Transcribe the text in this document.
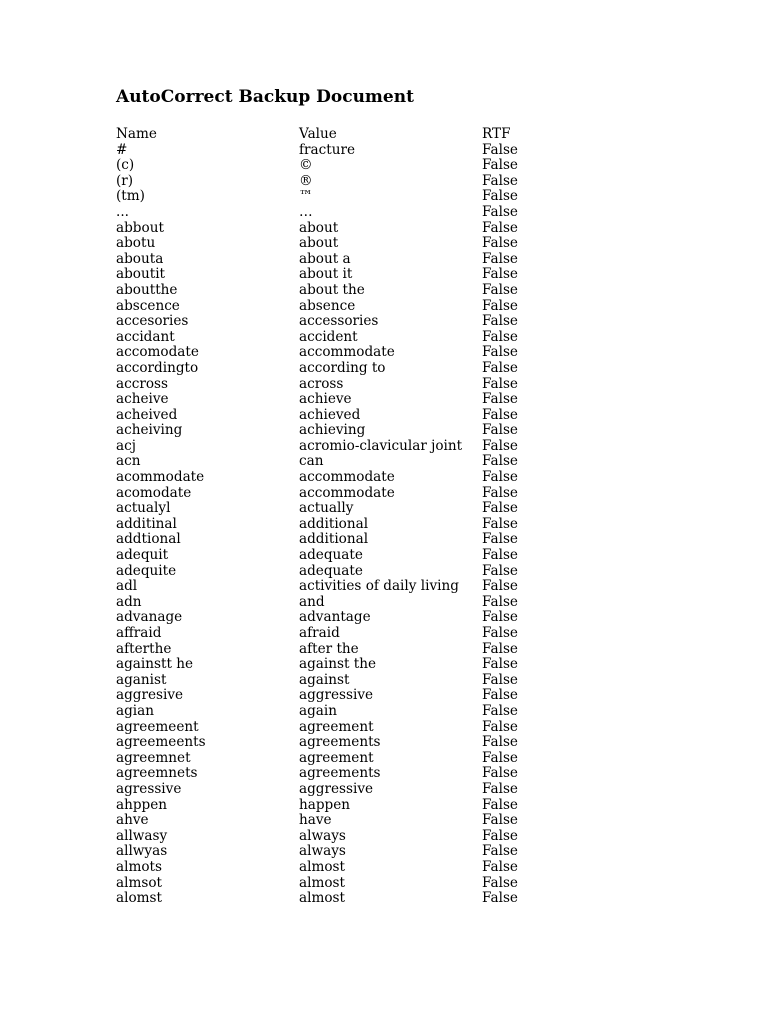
AutoCorrect Backup Document
Name	Value	RTF
#	fracture	False
(c)	©	False
(r)	®	False
(tm)	™	False
...	…	False
abbout	about	False
abotu	about	False
abouta	about a	False
aboutit	about it	False
aboutthe	about the	False
abscence	absence	False
accesories	accessories	False
accidant	accident	False
accomodate	accommodate	False
accordingto	according to	False
accross	across	False
acheive	achieve	False
acheived	achieved	False
acheiving	achieving	False
acj	acromio-clavicular joint	False
acn	can	False
acommodate	accommodate	False
acomodate	accommodate	False
actualyl	actually	False
additinal	additional	False
addtional	additional	False
adequit	adequate	False
adequite	adequate	False
adl	activities of daily living	False
adn	and	False
advanage	advantage	False
affraid	afraid	False
afterthe	after the	False
againstt he	against the	False
aganist	against	False
aggresive	aggressive	False
agian	again	False
agreemeent	agreement	False
agreemeents	agreements	False
agreemnet	agreement	False
agreemnets	agreements	False
agressive	aggressive	False
ahppen	happen	False
ahve	have	False
allwasy	always	False
allwyas	always	False
almots	almost	False
almsot	almost	False
alomst	almost	False
